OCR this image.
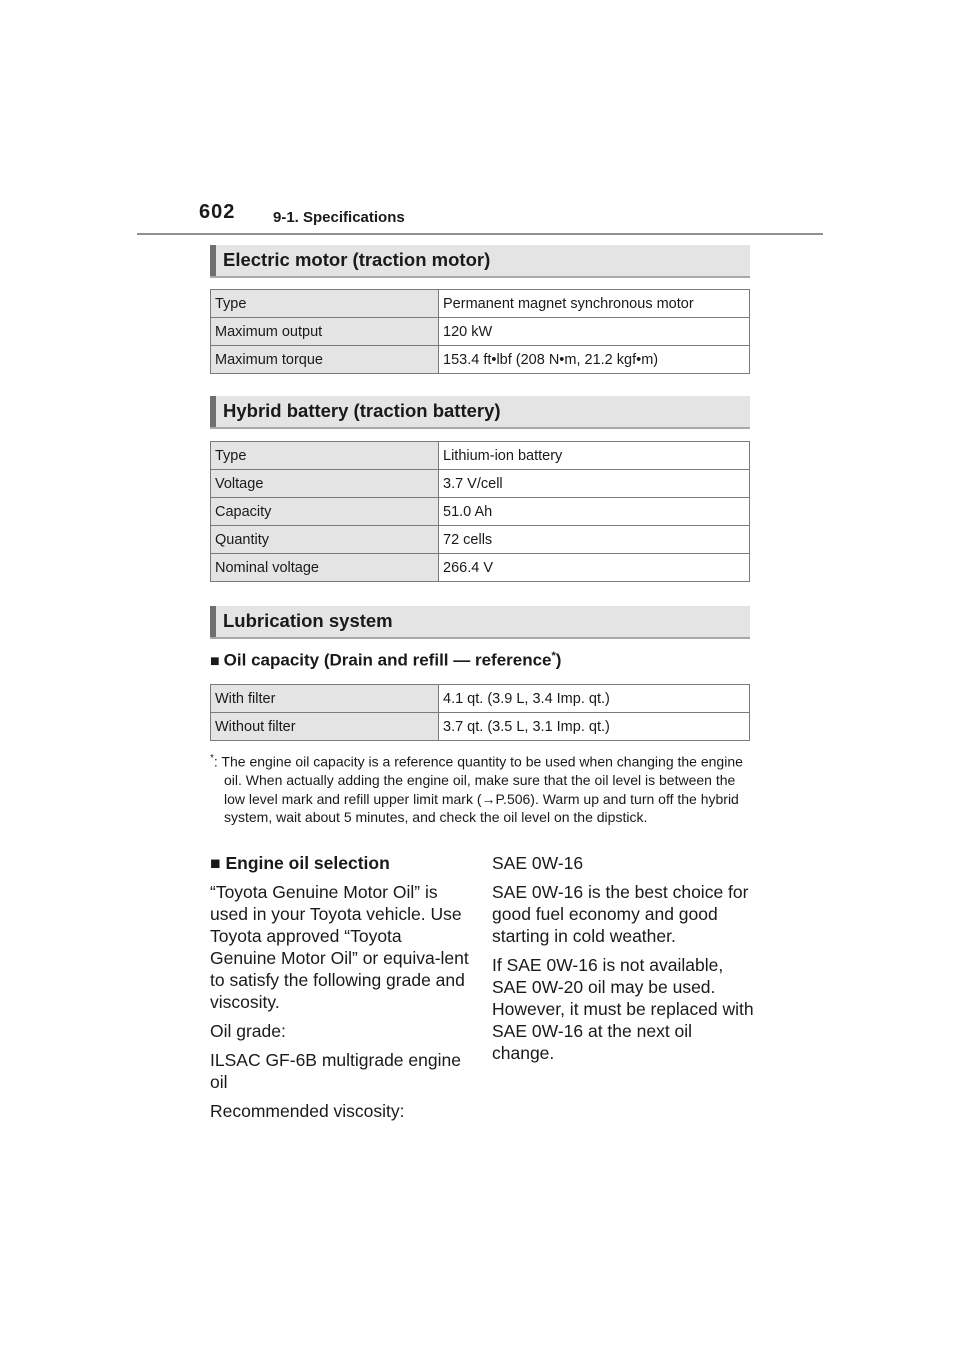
602	9-1. Specifications
Electric motor (traction motor)
Type	Permanent magnet synchronous motor
Maximum output	120 kW
Maximum torque	153.4 ft•lbf (208 N•m, 21.2 kgf•m)
Hybrid battery (traction battery)
Type	Lithium-ion battery
Voltage	3.7 V/cell
Capacity	51.0 Ah
Quantity	72 cells
Nominal voltage	266.4 V
Lubrication system
■ Oil capacity (Drain and refill — reference*)
With filter	4.1 qt. (3.9 L, 3.4 Imp. qt.)
Without filter	3.7 qt. (3.5 L, 3.1 Imp. qt.)
*: The engine oil capacity is a reference quantity to be used when changing the engine oil. When actually adding the engine oil, make sure that the oil level is between the low level mark and refill upper limit mark (→P.506). Warm up and turn off the hybrid system, wait about 5 minutes, and check the oil level on the dipstick.

■ Engine oil selection

“Toyota Genuine Motor Oil” is used in your Toyota vehicle. Use Toyota approved “Toyota Genuine Motor Oil” or equiva-lent to satisfy the following grade and viscosity.

Oil grade:

ILSAC GF-6B multigrade engine oil

Recommended viscosity:

SAE 0W-16

SAE 0W-16 is the best choice for good fuel economy and good starting in cold weather.

If SAE 0W-16 is not available, SAE 0W-20 oil may be used. However, it must be replaced with SAE 0W-16 at the next oil change.
